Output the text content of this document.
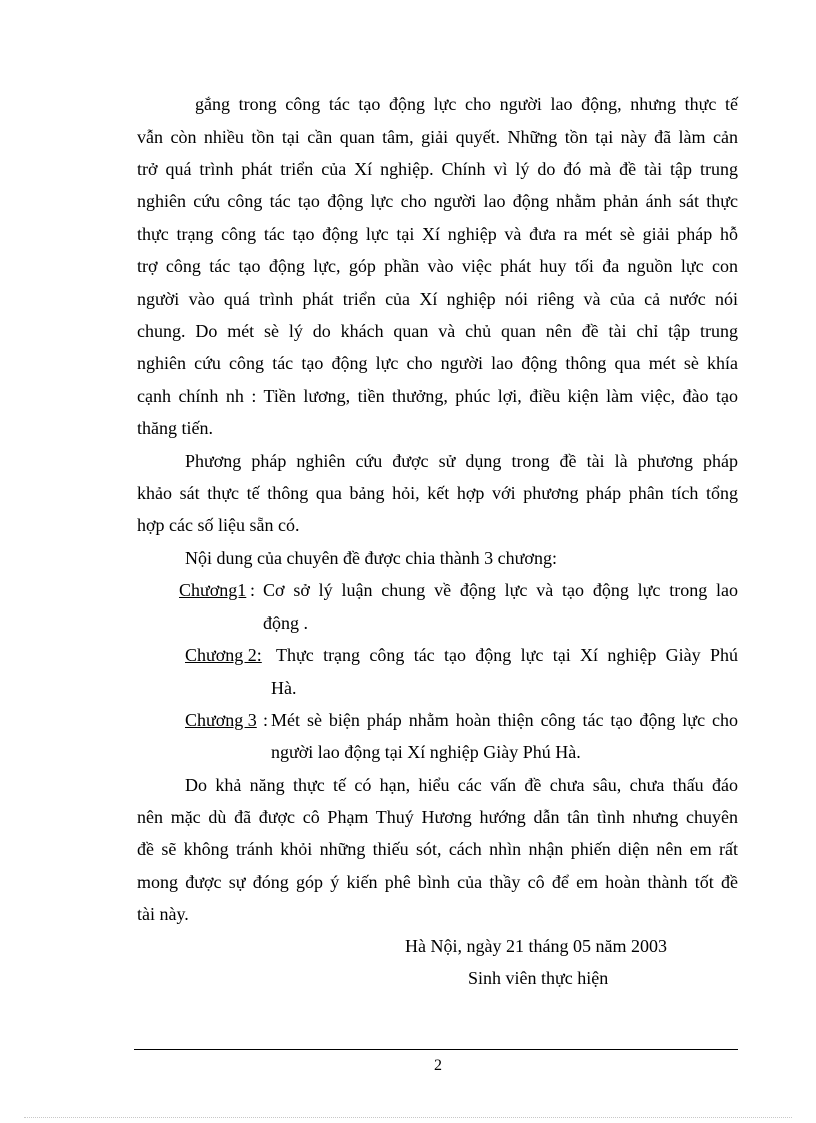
gắng trong công tác tạo động lực cho người lao động, nhưng thực tế
vẫn còn nhiều tồn tại cần quan tâm, giải quyết. Những tồn tại này đã làm cản
trở quá trình phát triển của Xí nghiệp. Chính vì lý do đó mà đề tài tập trung
nghiên cứu công tác tạo động lực cho người lao động nhằm phản ánh sát thực
thực trạng công tác tạo động lực tại Xí nghiệp và đưa ra mét sè giải pháp hỗ
trợ công tác tạo động lực, góp phần vào việc phát huy tối đa nguồn lực con
người vào quá trình phát triển của Xí nghiệp nói riêng và của cả nước nói
chung. Do mét sè lý do khách quan và chủ quan nên đề tài chỉ tập trung
nghiên cứu công tác tạo động lực cho người lao động thông qua mét sè khía
cạnh chính nh : Tiền lương, tiền thưởng, phúc lợi, điều kiện làm việc, đào tạo
thăng tiến.
Phương pháp nghiên cứu được sử dụng trong đề tài là phương pháp
khảo sát thực tế thông qua bảng hỏi, kết hợp với phương pháp phân tích tổng
hợp các số liệu sẵn có.
Nội dung của chuyên đề được chia thành 3 chương:
Chương1 : Cơ sở lý luận chung về động lực và tạo động lực trong lao
động .
Chương 2: Thực trạng công tác tạo động lực tại Xí nghiệp Giày Phú
Hà.
Chương 3 : Mét sè biện pháp nhằm hoàn thiện công tác tạo động lực cho
người lao động tại Xí nghiệp Giày Phú Hà.
Do khả năng thực tế có hạn, hiểu các vấn đề chưa sâu, chưa thấu đáo
nên mặc dù đã được cô Phạm Thuý Hương hướng dẫn tân tình nhưng chuyên
đề sẽ không tránh khỏi những thiếu sót, cách nhìn nhận phiến diện nên em rất
mong được sự đóng góp ý kiến phê bình của thầy cô để em hoàn thành tốt đề
tài này.
Hà Nội, ngày 21 tháng 05 năm 2003
Sinh viên thực hiện
2
